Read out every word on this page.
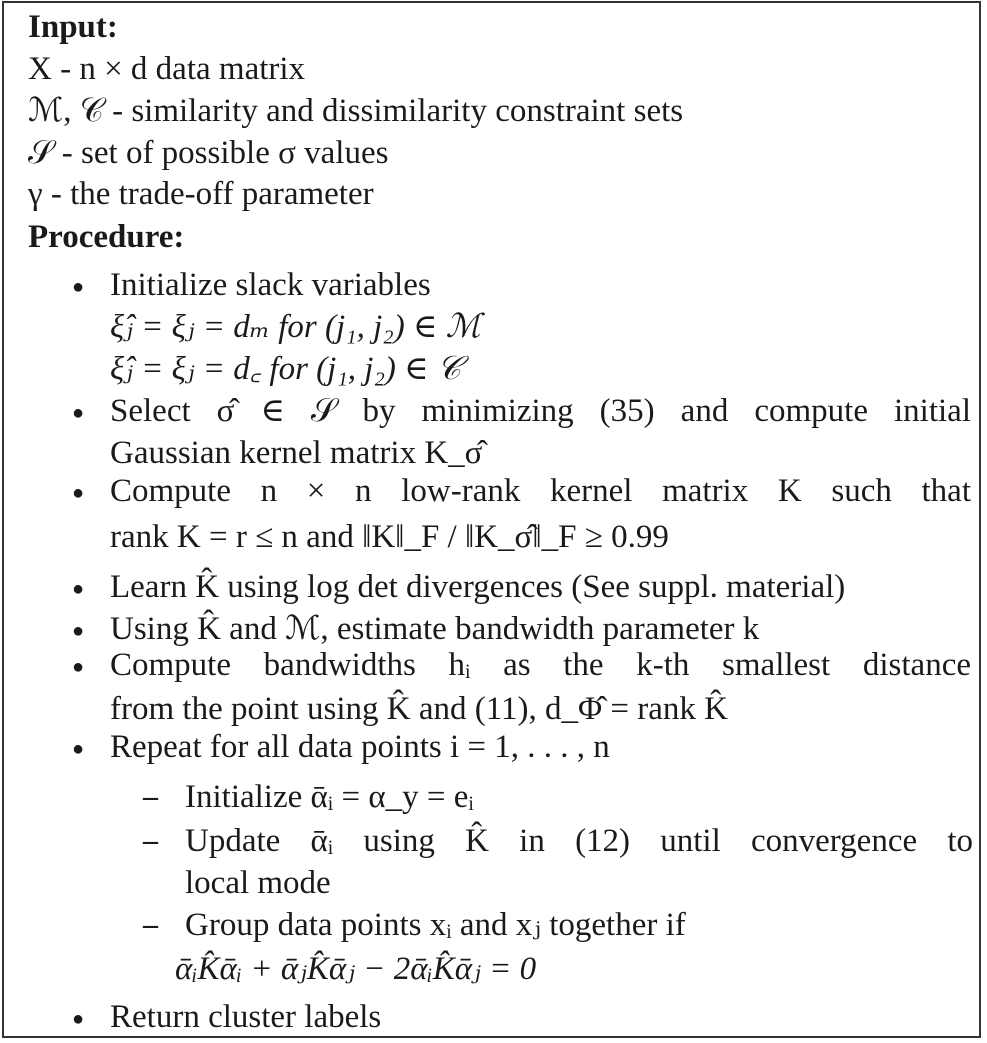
Input:
X - n × d data matrix
ℳ, 𝒞 - similarity and dissimilarity constraint sets
𝒮 - set of possible σ values
γ - the trade-off parameter
Procedure:
● Initialize slack variables
ξ̂ⱼ = ξⱼ = dₘ for (j₁, j₂) ∈ ℳ
ξ̂ⱼ = ξⱼ = d꜀ for (j₁, j₂) ∈ 𝒞
● Select σ̂ ∈ 𝒮 by minimizing (35) and compute initial
Gaussian kernel matrix K_σ̂
● Compute n × n low-rank kernel matrix K such that
rank K = r ≤ n and ‖K‖_F / ‖K_σ̂‖_F ≥ 0.99
● Learn K̂ using log det divergences (See suppl. material)
● Using K̂ and ℳ, estimate bandwidth parameter k
● Compute bandwidths hᵢ as the k-th smallest distance
from the point using K̂ and (11), d_Φ̂ = rank K̂
● Repeat for all data points i = 1, . . . , n
– Initialize ᾱᵢ = α_y = eᵢ
– Update ᾱᵢ using K̂ in (12) until convergence to
local mode
– Group data points xᵢ and xⱼ together if
ᾱᵢK̂ᾱᵢ + ᾱⱼK̂ᾱⱼ − 2ᾱᵢK̂ᾱⱼ = 0
● Return cluster labels
